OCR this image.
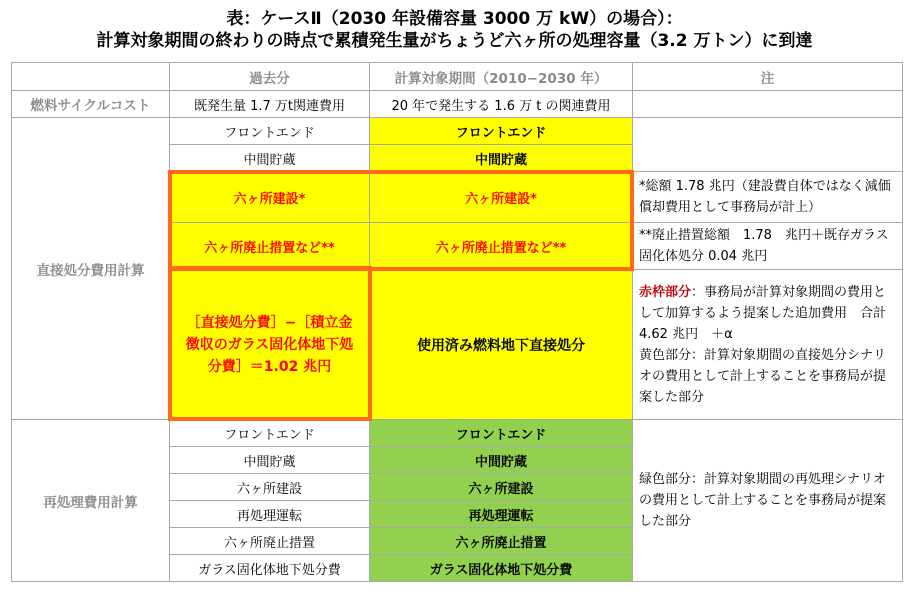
表：ケースⅡ（2030 年設備容量 3000 万 kW）の場合）：
計算対象期間の終わりの時点で累積発生量がちょうど六ヶ所の処理容量（3.2 万トン）に到達
	過去分	計算対象期間（2010−2030 年）	注
燃料サイクルコスト	既発生量 1.7 万t関連費用	20 年で発生する 1.6 万 t の関連費用	
直接処分費用計算	フロントエンド	フロントエンド	
	中間貯蔵	中間貯蔵	
	六ヶ所建設*	六ヶ所建設*	*総額 1.78 兆円（建設費自体ではなく減価償却費用として事務局が計上）
	六ヶ所廃止措置など**	六ヶ所廃止措置など**	**廃止措置総額　1.78　兆円＋既存ガラス固化体処分 0.04 兆円
	［直接処分費］−［積立金徴収のガラス固化体地下処分費］＝1.02 兆円	使用済み燃料地下直接処分	赤枠部分：事務局が計算対象期間の費用として加算するよう提案した追加費用　合計 4.62 兆円　＋α
黄色部分：計算対象期間の直接処分シナリオの費用として計上することを事務局が提案した部分
再処理費用計算	フロントエンド	フロントエンド	緑色部分：計算対象期間の再処理シナリオの費用として計上することを事務局が提案した部分
	中間貯蔵	中間貯蔵	
	六ヶ所建設	六ヶ所建設	
	再処理運転	再処理運転	
	六ヶ所廃止措置	六ヶ所廃止措置	
	ガラス固化体地下処分費	ガラス固化体地下処分費	
